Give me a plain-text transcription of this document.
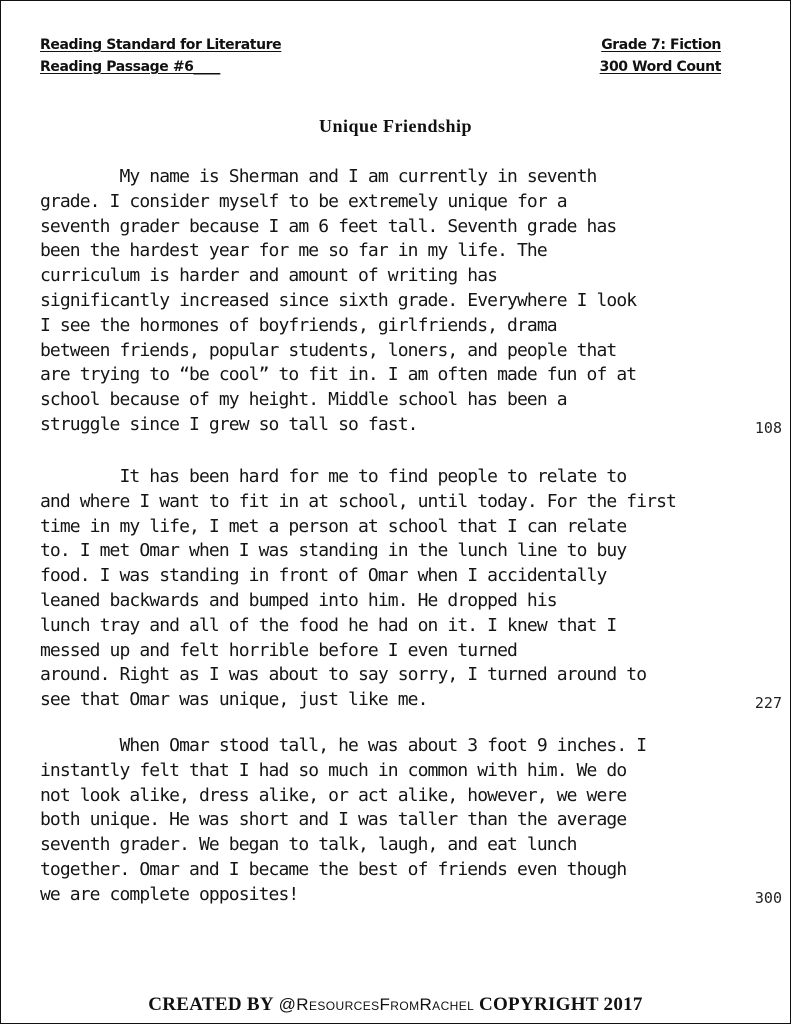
Reading Standard for Literature
Reading Passage #6____
Grade 7: Fiction
300 Word Count
Unique Friendship
My name is Sherman and I am currently in seventh
grade. I consider myself to be extremely unique for a
seventh grader because I am 6 feet tall. Seventh grade has
been the hardest year for me so far in my life. The
curriculum is harder and amount of writing has
significantly increased since sixth grade. Everywhere I look
I see the hormones of boyfriends, girlfriends, drama
between friends, popular students, loners, and people that
are trying to “be cool” to fit in. I am often made fun of at
school because of my height. Middle school has been a
struggle since I grew so tall so fast.	108
It has been hard for me to find people to relate to
and where I want to fit in at school, until today. For the first
time in my life, I met a person at school that I can relate
to. I met Omar when I was standing in the lunch line to buy
food. I was standing in front of Omar when I accidentally
leaned backwards and bumped into him. He dropped his
lunch tray and all of the food he had on it. I knew that I
messed up and felt horrible before I even turned
around. Right as I was about to say sorry, I turned around to
see that Omar was unique, just like me.	227
When Omar stood tall, he was about 3 foot 9 inches. I
instantly felt that I had so much in common with him. We do
not look alike, dress alike, or act alike, however, we were
both unique. He was short and I was taller than the average
seventh grader. We began to talk, laugh, and eat lunch
together. Omar and I became the best of friends even though
we are complete opposites!	300
CREATED BY @ResourcesFromRachel COPYRIGHT 2017
